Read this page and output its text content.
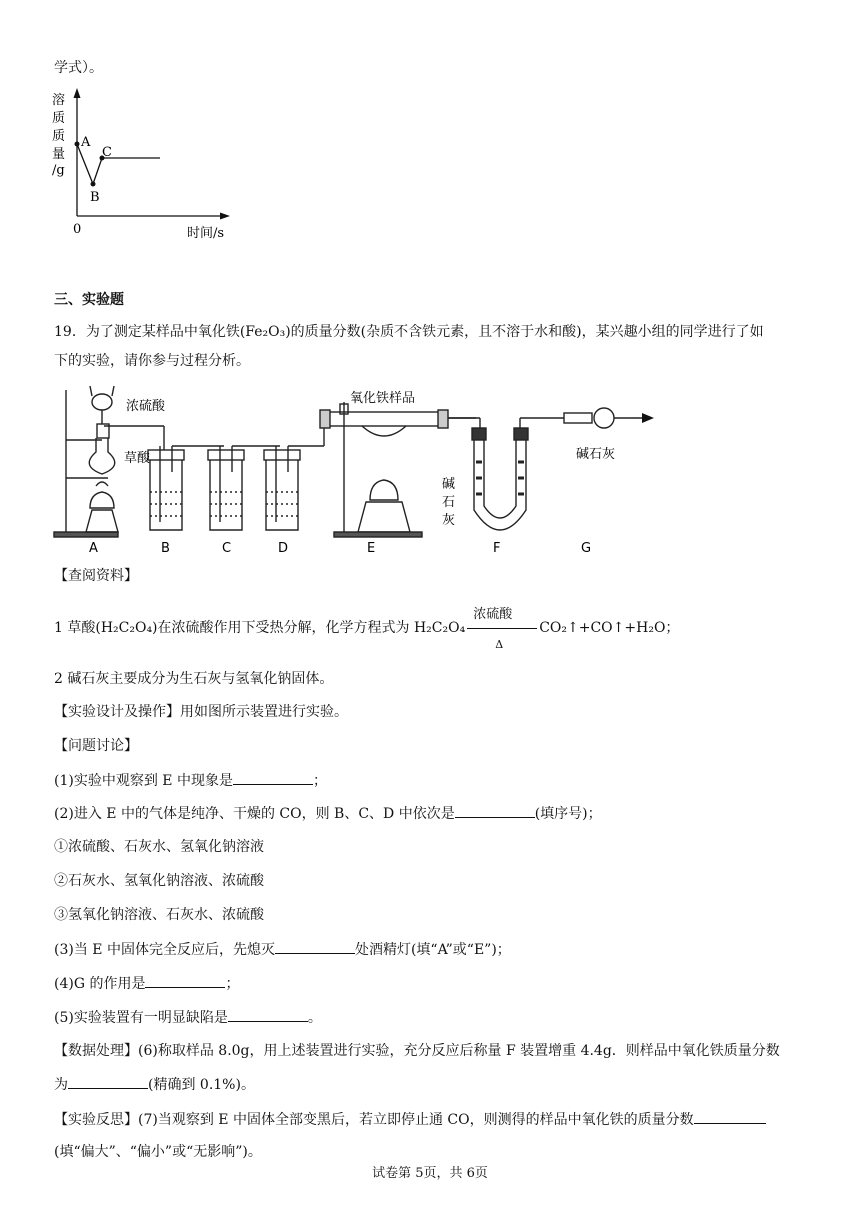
学式）。
溶
质
质
量
/g
A
B
C
0	时间/s
三、实验题
19．为了测定某样品中氧化铁(Fe₂O₃)的质量分数(杂质不含铁元素，且不溶于水和酸)，某兴趣小组的同学进行了如
下的实验，请你参与过程分析。
浓硫酸
草酸
氧化铁样品
碱
石
灰
碱石灰
A	B	C	D	E	F	G
【查阅资料】
1 草酸(H₂C₂O₄)在浓硫酸作用下受热分解，化学方程式为 H₂C₂O₄
浓硫酸
Δ
CO₂↑+CO↑+H₂O；
2 碱石灰主要成分为生石灰与氢氧化钠固体。
【实验设计及操作】用如图所示装置进行实验。
【问题讨论】
(1)实验中观察到 E 中现象是	；
(2)进入 E 中的气体是纯净、干燥的 CO，则 B、C、D 中依次是	(填序号)；
①浓硫酸、石灰水、氢氧化钠溶液
②石灰水、氢氧化钠溶液、浓硫酸
③氢氧化钠溶液、石灰水、浓硫酸
(3)当 E 中固体完全反应后，先熄灭	处酒精灯(填“A”或“E”)；
(4)G 的作用是	；
(5)实验装置有一明显缺陷是	。
【数据处理】(6)称取样品 8.0g，用上述装置进行实验，充分反应后称量 F 装置增重 4.4g．则样品中氧化铁质量分数
为	(精确到 0.1%)。
【实验反思】(7)当观察到 E 中固体全部变黑后，若立即停止通 CO，则测得的样品中氧化铁的质量分数
(填“偏大”、“偏小”或“无影响”)。
试卷第 5页，共 6页
